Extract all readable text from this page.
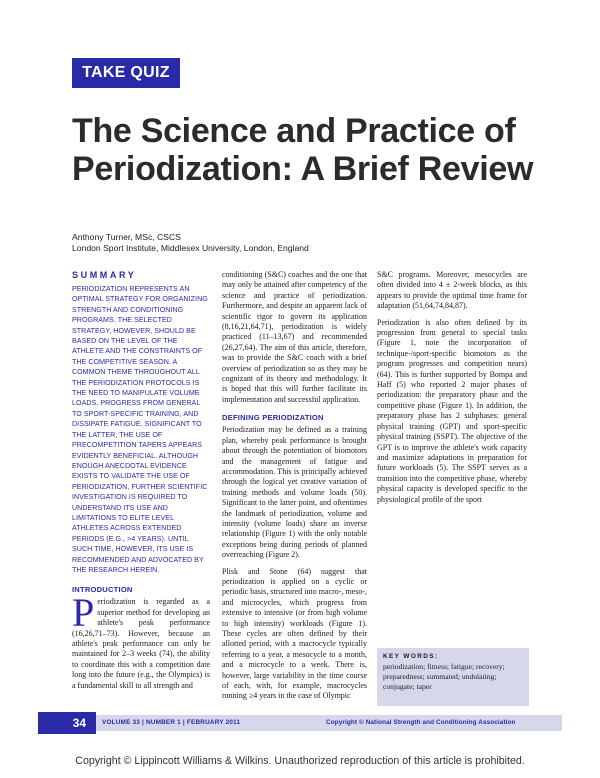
TAKE QUIZ
The Science and Practice of Periodization: A Brief Review
Anthony Turner, MSc, CSCS
London Sport Institute, Middlesex University, London, England
SUMMARY
PERIODIZATION REPRESENTS AN OPTIMAL STRATEGY FOR ORGANIZING STRENGTH AND CONDITIONING PROGRAMS. THE SELECTED STRATEGY, HOWEVER, SHOULD BE BASED ON THE LEVEL OF THE ATHLETE AND THE CONSTRAINTS OF THE COMPETITIVE SEASON. A COMMON THEME THROUGHOUT ALL THE PERIODIZATION PROTOCOLS IS THE NEED TO MANIPULATE VOLUME LOADS, PROGRESS FROM GENERAL TO SPORT-SPECIFIC TRAINING, AND DISSIPATE FATIGUE. SIGNIFICANT TO THE LATTER, THE USE OF PRECOMPETITION TAPERS APPEARS EVIDENTLY BENEFICIAL. ALTHOUGH ENOUGH ANECDOTAL EVIDENCE EXISTS TO VALIDATE THE USE OF PERIODIZATION, FURTHER SCIENTIFIC INVESTIGATION IS REQUIRED TO UNDERSTAND ITS USE AND LIMITATIONS TO ELITE LEVEL ATHLETES ACROSS EXTENDED PERIODS (E.G., >4 YEARS). UNTIL SUCH TIME, HOWEVER, ITS USE IS RECOMMENDED AND ADVOCATED BY THE RESEARCH HEREIN.
INTRODUCTION
Periodization is regarded as a superior method for developing an athlete's peak performance (16,26,71–73). However, because an athlete's peak performance can only be maintained for 2–3 weeks (74), the ability to coordinate this with a competition date long into the future (e.g., the Olympics) is a fundamental skill to all strength and
conditioning (S&C) coaches and the one that may only be attained after competency of the science and practice of periodization. Furthermore, and despite an apparent lack of scientific rigor to govern its application (8,16,21,64,71), periodization is widely practiced (11–13,67) and recommended (26,27,64). The aim of this article, therefore, was to provide the S&C coach with a brief overview of periodization so as they may be cognizant of its theory and methodology. It is hoped that this will further facilitate its implementation and successful application.
DEFINING PERIODIZATION
Periodization may be defined as a training plan, whereby peak performance is brought about through the potentiation of biomotors and the management of fatigue and accommodation. This is principally achieved through the logical yet creative variation of training methods and volume loads (50). Significant to the latter point, and oftentimes the landmark of periodization, volume and intensity (volume loads) share an inverse relationship (Figure 1) with the only notable exceptions being during periods of planned overreaching (Figure 2).
Plisk and Stone (64) suggest that periodization is applied on a cyclic or periodic basis, structured into macro-, meso-, and microcycles, which progress from extensive to intensive (or from high volume to high intensity) workloads (Figure 1). These cycles are often defined by their allotted period, with a macrocycle typically referring to a year, a mesocycle to a month, and a microcycle to a week. There is, however, large variability in the time course of each, with, for example, macrocycles running ≥4 years in the case of Olympic
S&C programs. Moreover, mesocycles are often divided into 4 ± 2-week blocks, as this appears to provide the optimal time frame for adaptation (51,64,74,84,87).
Periodization is also often defined by its progression from general to special tasks (Figure 1, note the incorporation of technique-/sport-specific biomotors as the program progresses and competition nears) (64). This is further supported by Bompa and Haff (5) who reported 2 major phases of periodization: the preparatory phase and the competitive phase (Figure 1). In addition, the preparatory phase has 2 subphases: general physical training (GPT) and sport-specific physical training (SSPT). The objective of the GPT is to improve the athlete's work capacity and maximize adaptations in preparation for future workloads (5). The SSPT serves as a transition into the competitive phase, whereby physical capacity is developed specific to the physiological profile of the sport
KEY WORDS:
periodization; fitness; fatigue; recovery; preparedness; summated; undulating; conjugate; taper
34	VOLUME 33 | NUMBER 1 | FEBRUARY 2011	Copyright © National Strength and Conditioning Association
Copyright © Lippincott Williams & Wilkins. Unauthorized reproduction of this article is prohibited.
